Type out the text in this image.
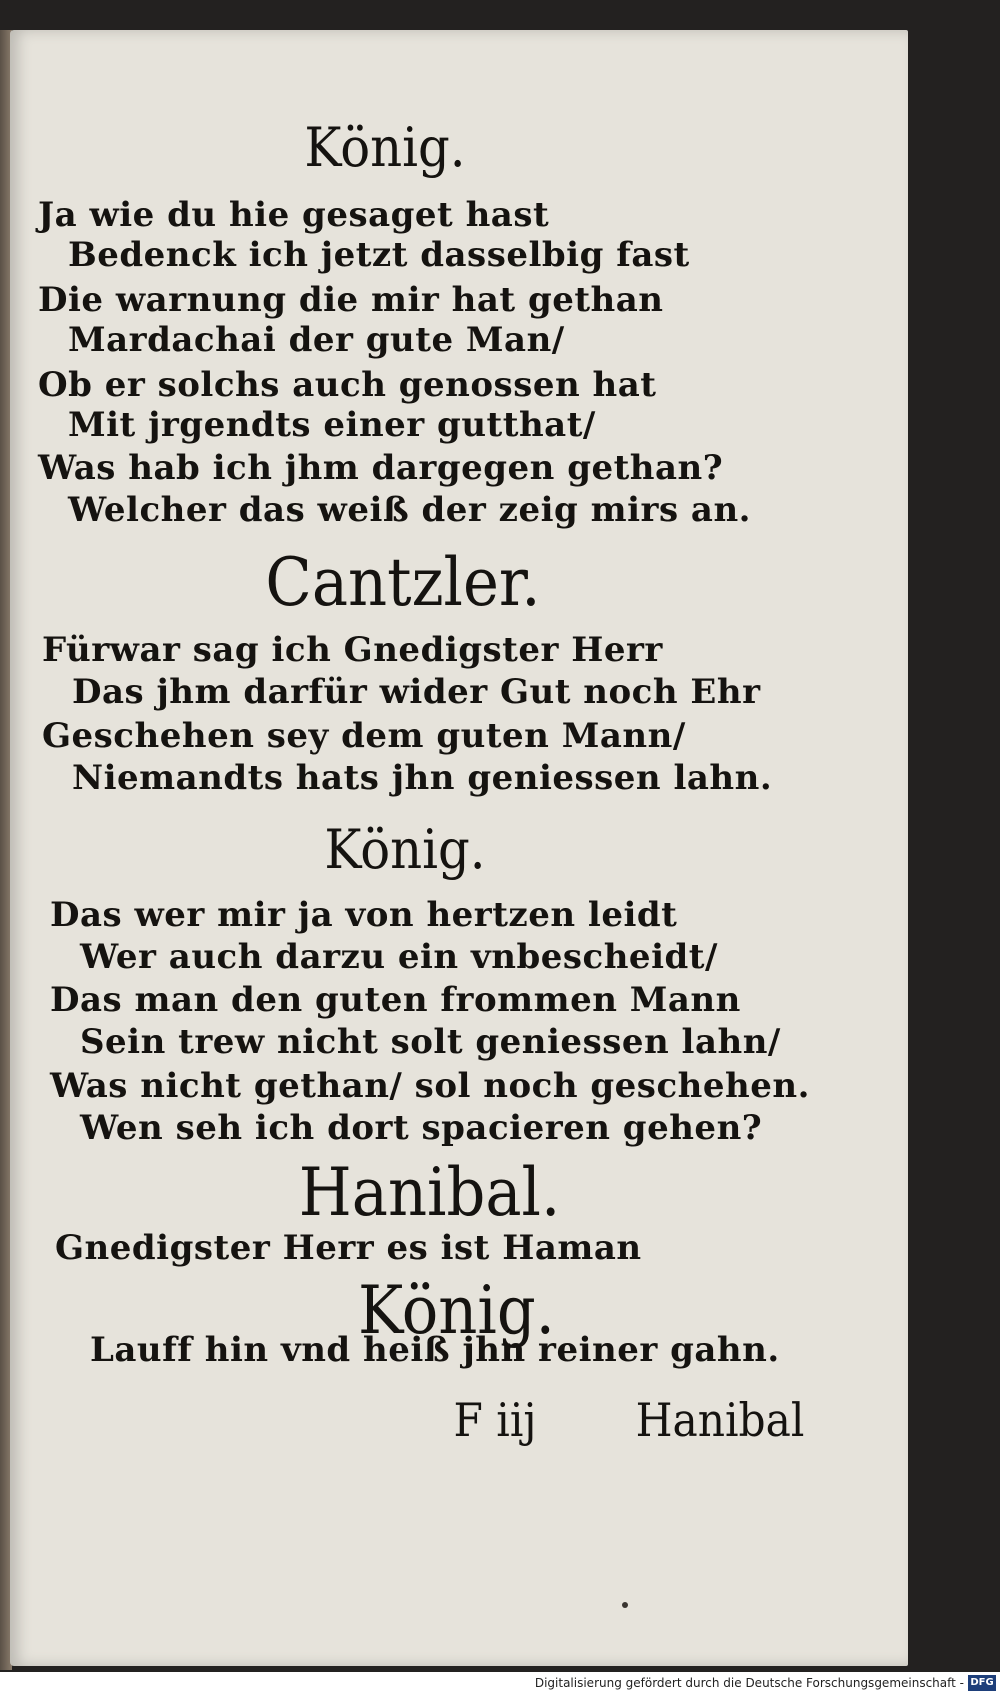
König.

Ja wie du hie gesaget hast

Bedenck ich jetzt dasselbig fast

Die warnung die mir hat gethan

Mardachai der gute Man/

Ob er solchs auch genossen hat

Mit jrgendts einer gutthat/

Was hab ich jhm dargegen gethan?

Welcher das weiß der zeig mirs an.

Cantzler.

Fürwar sag ich Gnedigster Herr

Das jhm darfür wider Gut noch Ehr

Geschehen sey dem guten Mann/

Niemandts hats jhn geniessen lahn.

König.

Das wer mir ja von hertzen leidt

Wer auch darzu ein vnbescheidt/

Das man den guten frommen Mann

Sein trew nicht solt geniessen lahn/

Was nicht gethan/ sol noch geschehen.

Wen seh ich dort spacieren gehen?

Hanibal.

Gnedigster Herr es ist Haman

König.

Lauff hin vnd heiß jhn reiner gahn.

F iij	Hanibal

Digitalisierung gefördert durch die Deutsche Forschungsgemeinschaft - DFG
